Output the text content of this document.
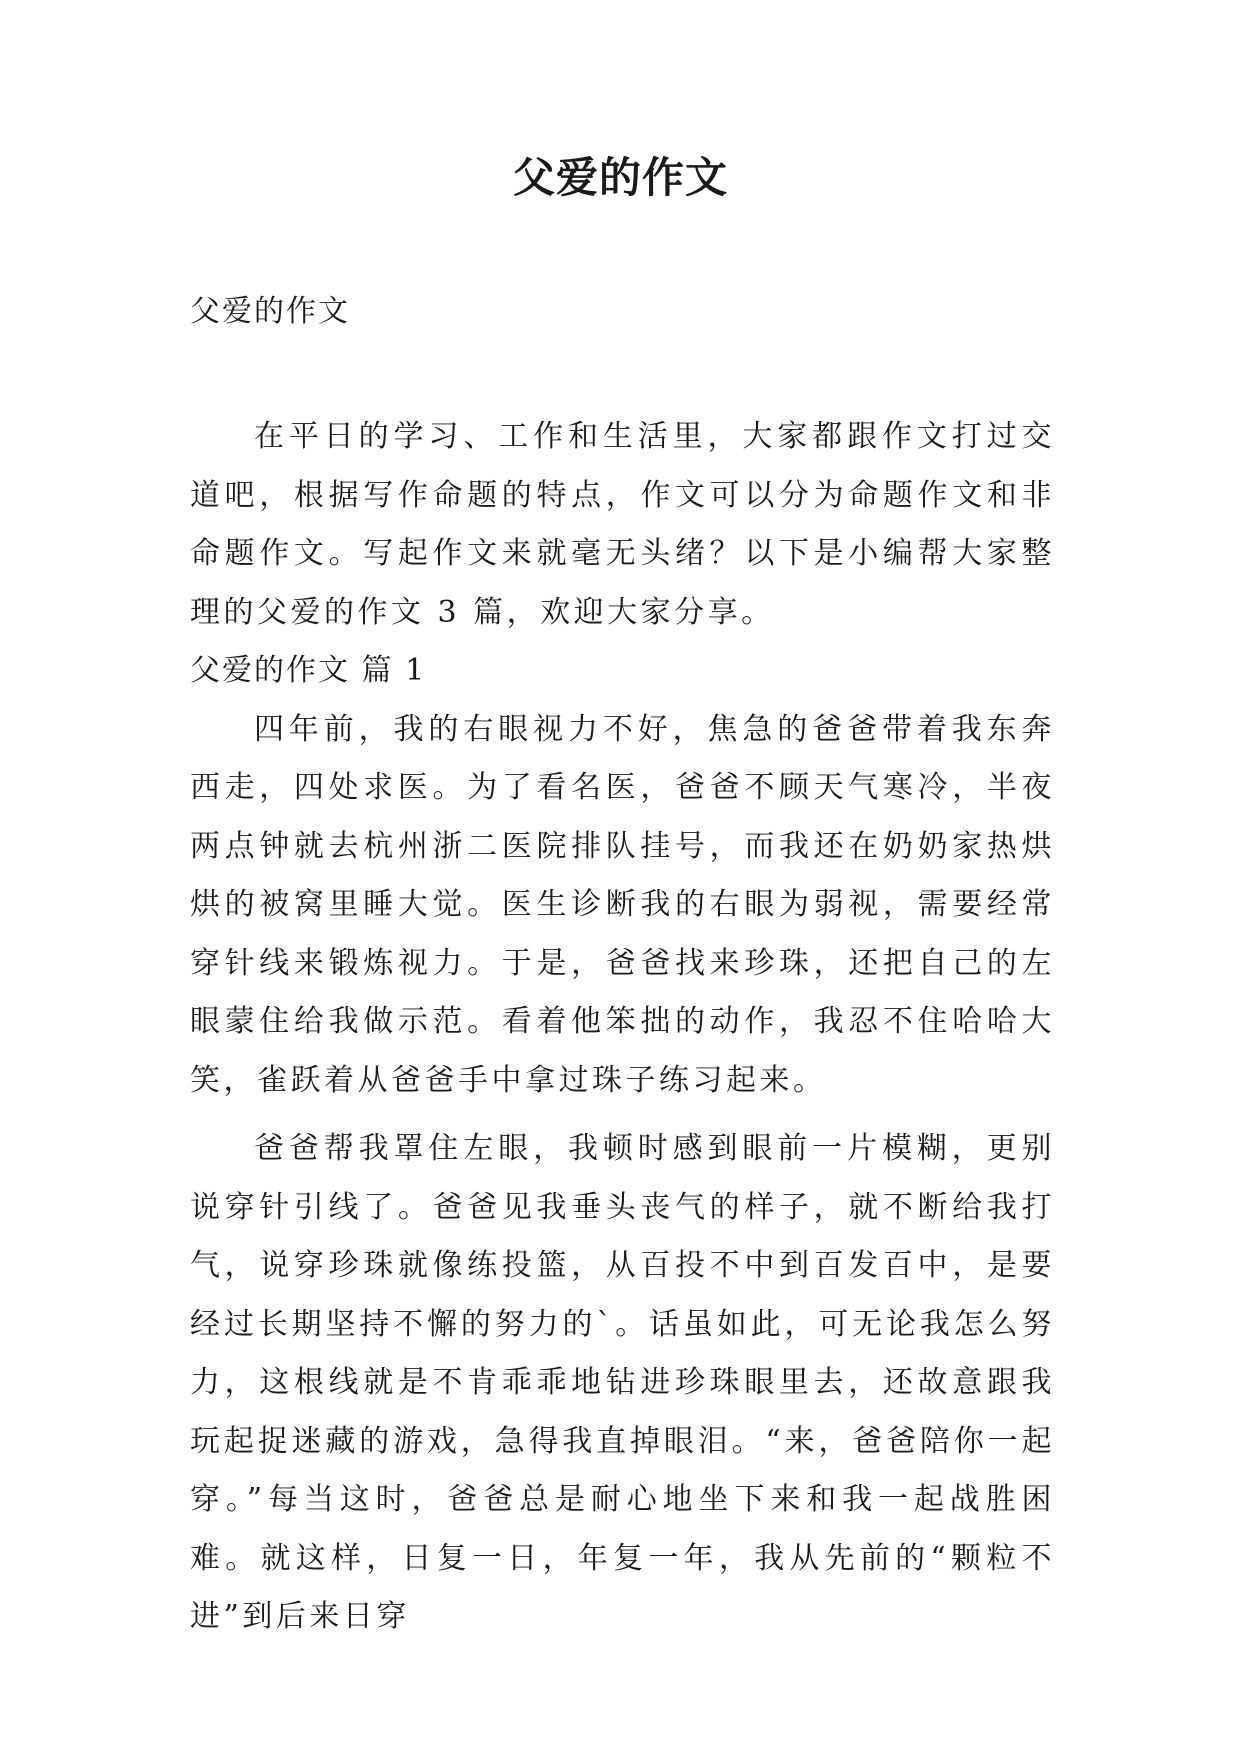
父爱的作文
父爱的作文

在平日的学习、工作和生活里，大家都跟作文打过交道吧，根据写作命题的特点，作文可以分为命题作文和非命题作文。写起作文来就毫无头绪？以下是小编帮大家整理的父爱的作文 3 篇，欢迎大家分享。

父爱的作文 篇 1

四年前，我的右眼视力不好，焦急的爸爸带着我东奔西走，四处求医。为了看名医，爸爸不顾天气寒冷，半夜两点钟就去杭州浙二医院排队挂号，而我还在奶奶家热烘烘的被窝里睡大觉。医生诊断我的右眼为弱视，需要经常穿针线来锻炼视力。于是，爸爸找来珍珠，还把自己的左眼蒙住给我做示范。看着他笨拙的动作，我忍不住哈哈大笑，雀跃着从爸爸手中拿过珠子练习起来。

爸爸帮我罩住左眼，我顿时感到眼前一片模糊，更别说穿针引线了。爸爸见我垂头丧气的样子，就不断给我打气，说穿珍珠就像练投篮，从百投不中到百发百中，是要经过长期坚持不懈的努力的`。话虽如此，可无论我怎么努力，这根线就是不肯乖乖地钻进珍珠眼里去，还故意跟我玩起捉迷藏的游戏，急得我直掉眼泪。“来，爸爸陪你一起穿。”每当这时，爸爸总是耐心地坐下来和我一起战胜困难。就这样，日复一日，年复一年，我从先前的“颗粒不进”到后来日穿
